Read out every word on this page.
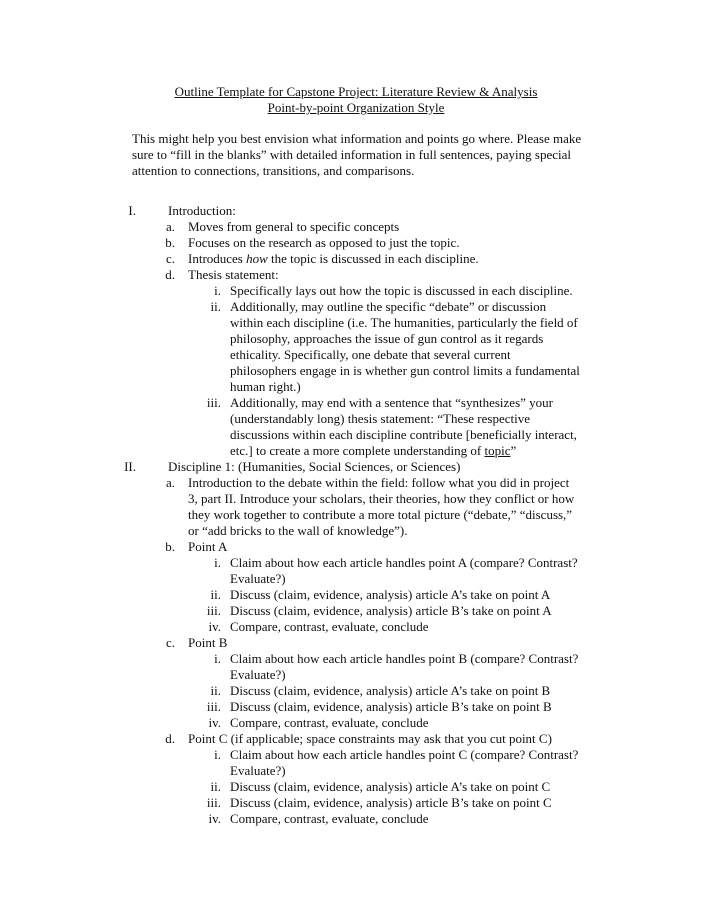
Outline Template for Capstone Project: Literature Review & Analysis
Point-by-point Organization Style
This might help you best envision what information and points go where. Please make
sure to “fill in the blanks” with detailed information in full sentences, paying special
attention to connections, transitions, and comparisons.
I. Introduction:
a. Moves from general to specific concepts
b. Focuses on the research as opposed to just the topic.
c. Introduces how the topic is discussed in each discipline.
d. Thesis statement:
i. Specifically lays out how the topic is discussed in each discipline.
ii. Additionally, may outline the specific “debate” or discussion
within each discipline (i.e. The humanities, particularly the field of
philosophy, approaches the issue of gun control as it regards
ethicality. Specifically, one debate that several current
philosophers engage in is whether gun control limits a fundamental
human right.)
iii. Additionally, may end with a sentence that “synthesizes” your
(understandably long) thesis statement: “These respective
discussions within each discipline contribute [beneficially interact,
etc.] to create a more complete understanding of topic”
II. Discipline 1: (Humanities, Social Sciences, or Sciences)
a. Introduction to the debate within the field: follow what you did in project
3, part II. Introduce your scholars, their theories, how they conflict or how
they work together to contribute a more total picture (“debate,” “discuss,”
or “add bricks to the wall of knowledge”).
b. Point A
i. Claim about how each article handles point A (compare? Contrast?
Evaluate?)
ii. Discuss (claim, evidence, analysis) article A’s take on point A
iii. Discuss (claim, evidence, analysis) article B’s take on point A
iv. Compare, contrast, evaluate, conclude
c. Point B
i. Claim about how each article handles point B (compare? Contrast?
Evaluate?)
ii. Discuss (claim, evidence, analysis) article A’s take on point B
iii. Discuss (claim, evidence, analysis) article B’s take on point B
iv. Compare, contrast, evaluate, conclude
d. Point C (if applicable; space constraints may ask that you cut point C)
i. Claim about how each article handles point C (compare? Contrast?
Evaluate?)
ii. Discuss (claim, evidence, analysis) article A’s take on point C
iii. Discuss (claim, evidence, analysis) article B’s take on point C
iv. Compare, contrast, evaluate, conclude
